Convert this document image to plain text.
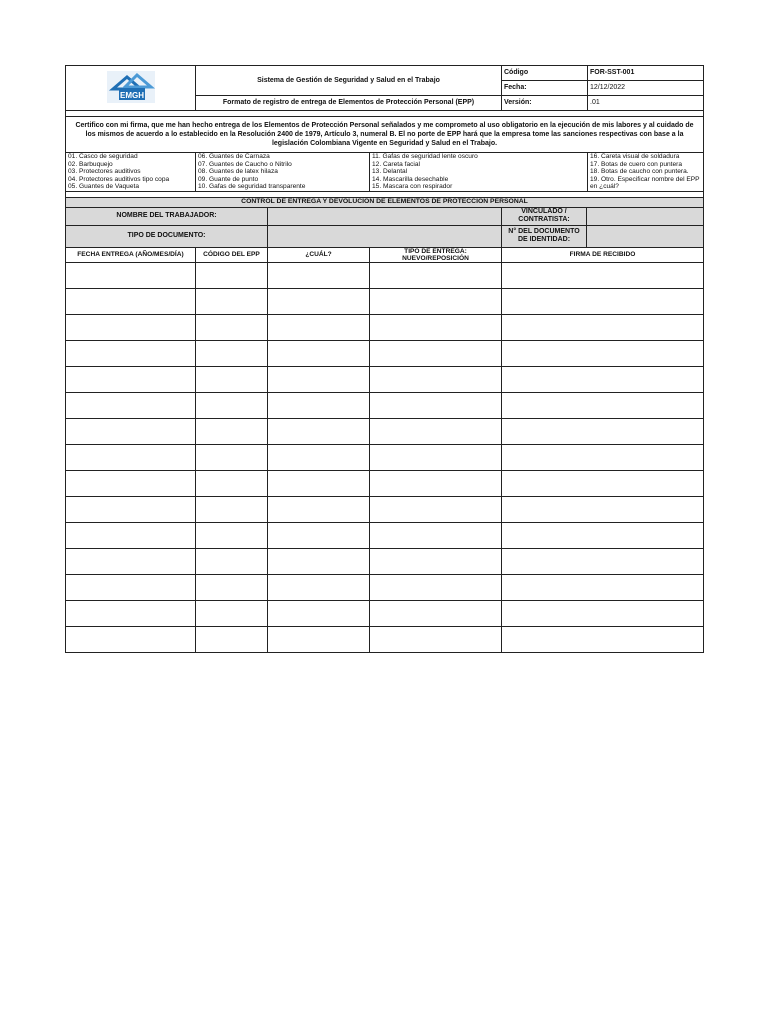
EMGH	Sistema de Gestión de Seguridad y Salud en el Trabajo	Código	FOR-SST-001
		Fecha:	12/12/2022
	Formato de registro de entrega de Elementos de Protección Personal (EPP)	Versión:	.01
Certifico con mi firma, que me han hecho entrega de los Elementos de Protección Personal señalados y me comprometo al uso obligatorio en la ejecución de mis labores y al cuidado de los mismos de acuerdo a lo establecido en la Resolución 2400 de 1979, Artículo 3, numeral B. El no porte de EPP hará que la empresa tome las sanciones respectivas con base a la legislación Colombiana Vigente en Seguridad y Salud en el Trabajo.
01. Casco de seguridad
02. Barbuquejo
03. Protectores auditivos
04. Protectores auditivos tipo copa
05. Guantes de Vaqueta

06. Guantes de Carnaza
07. Guantes de Caucho o Nitrilo
08. Guantes de latex hilaza
09. Guante de punto
10. Gafas de seguridad transparente

11. Gafas de seguridad lente oscuro
12. Careta facial
13. Delantal
14. Mascarilla desechable
15. Mascara con respirador

16. Careta visual de soldadura
17. Botas de cuero con puntera
18. Botas de caucho con puntera.
19. Otro. Especificar nombre del EPP en ¿cuál?
CONTROL DE ENTREGA Y DEVOLUCIÓN DE ELEMENTOS DE PROTECCIÓN PERSONAL					
NOMBRE DEL TRABAJADOR:				VINCULADO / CONTRATISTA:	
TIPO DE DOCUMENTO:				N° DEL DOCUMENTO DE IDENTIDAD:	
FECHA ENTREGA (AÑO/MES/DÍA)	CÓDIGO DEL EPP	¿CUÁL?	TIPO DE ENTREGA: NUEVO/REPOSICIÓN	FIRMA DE RECIBIDO	
